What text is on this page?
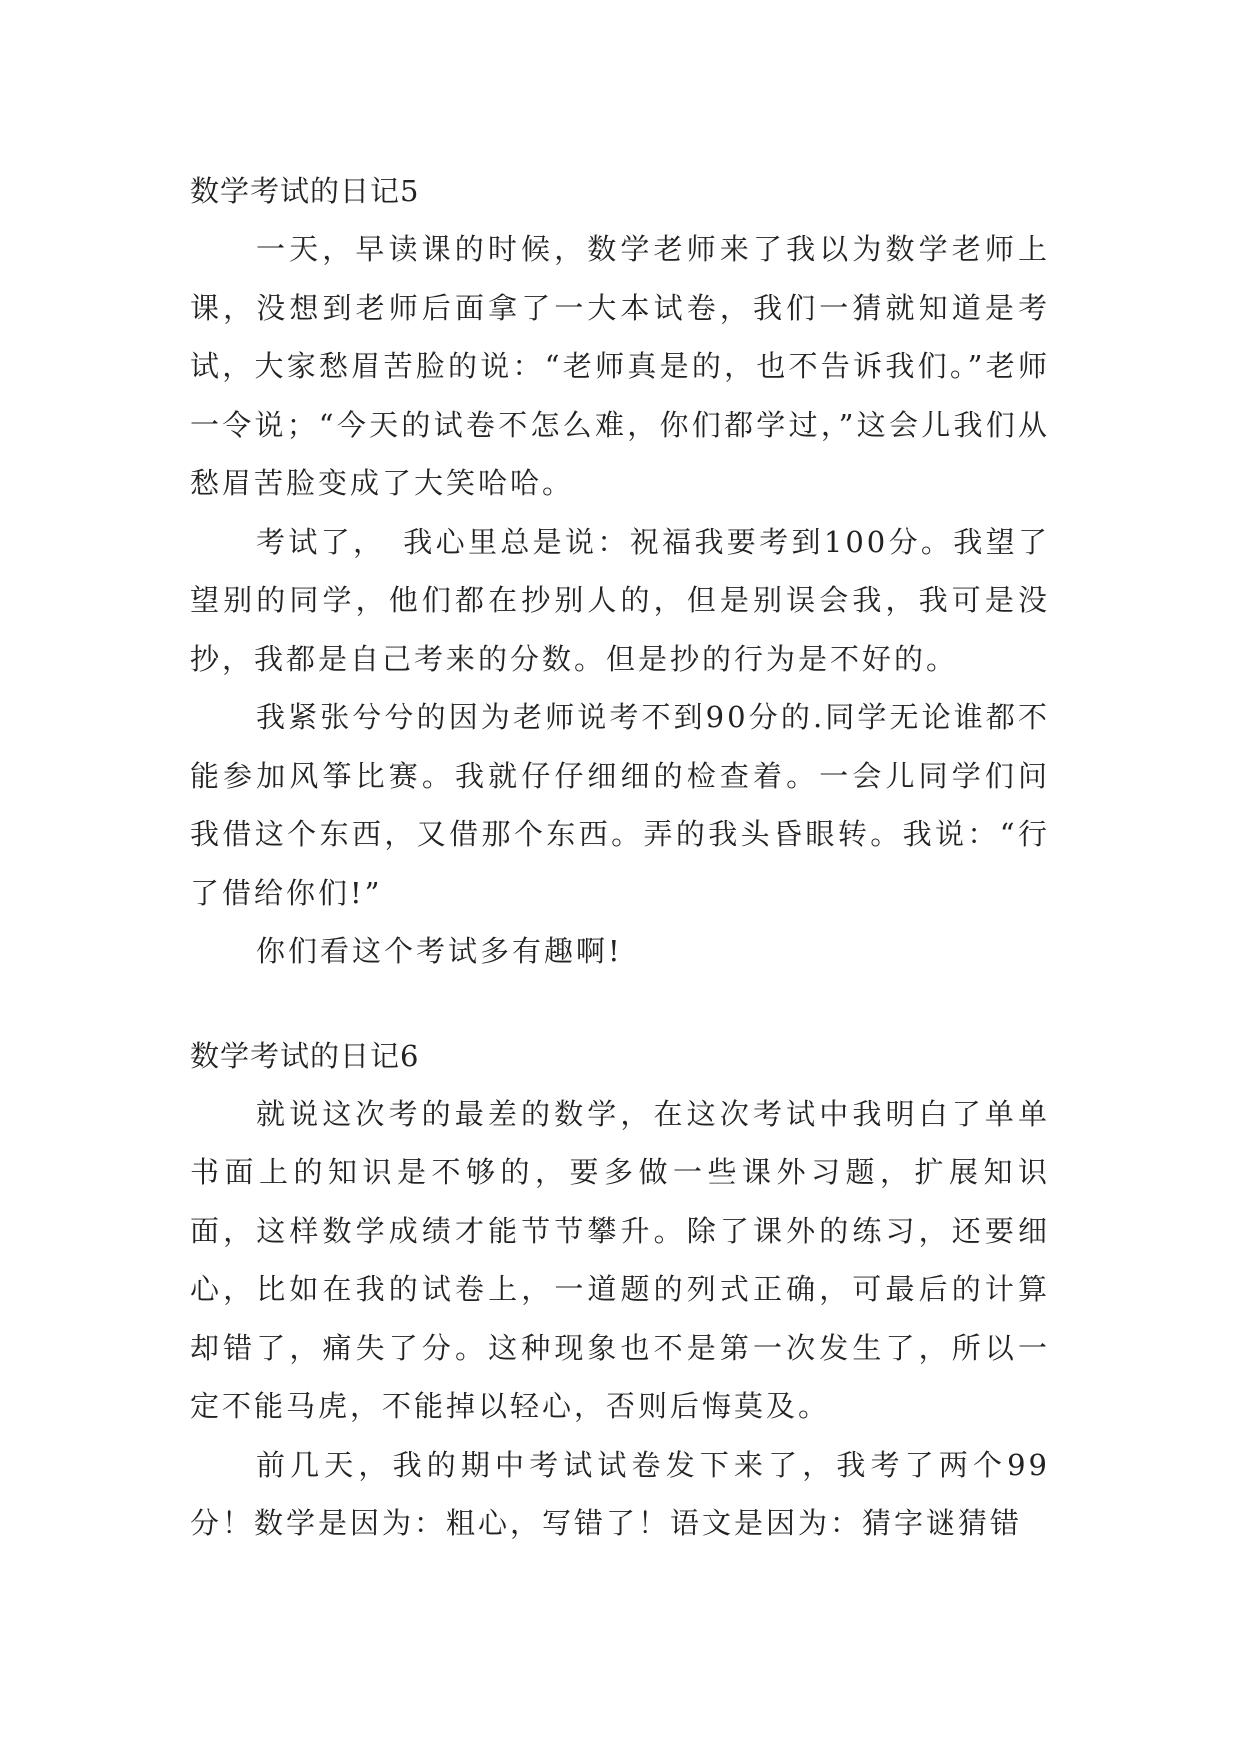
数学考试的日记5

一天，早读课的时候，数学老师来了我以为数学老师上课，没想到老师后面拿了一大本试卷，我们一猜就知道是考试，大家愁眉苦脸的说：“老师真是的，也不告诉我们。”老师一令说；“今天的试卷不怎么难，你们都学过，”这会儿我们从愁眉苦脸变成了大笑哈哈。

考试了，　我心里总是说：祝福我要考到100分。我望了望别的同学，他们都在抄别人的，但是别误会我，我可是没抄，我都是自己考来的分数。但是抄的行为是不好的。

我紧张兮兮的因为老师说考不到90分的.同学无论谁都不能参加风筝比赛。我就仔仔细细的检查着。一会儿同学们问我借这个东西，又借那个东西。弄的我头昏眼转。我说：“行了借给你们!”

你们看这个考试多有趣啊!

数学考试的日记6

就说这次考的最差的数学，在这次考试中我明白了单单书面上的知识是不够的，要多做一些课外习题，扩展知识面，这样数学成绩才能节节攀升。除了课外的练习，还要细心，比如在我的试卷上，一道题的列式正确，可最后的计算却错了，痛失了分。这种现象也不是第一次发生了，所以一定不能马虎，不能掉以轻心，否则后悔莫及。

前几天，我的期中考试试卷发下来了，我考了两个99分！数学是因为：粗心，写错了！语文是因为：猜字谜猜错
